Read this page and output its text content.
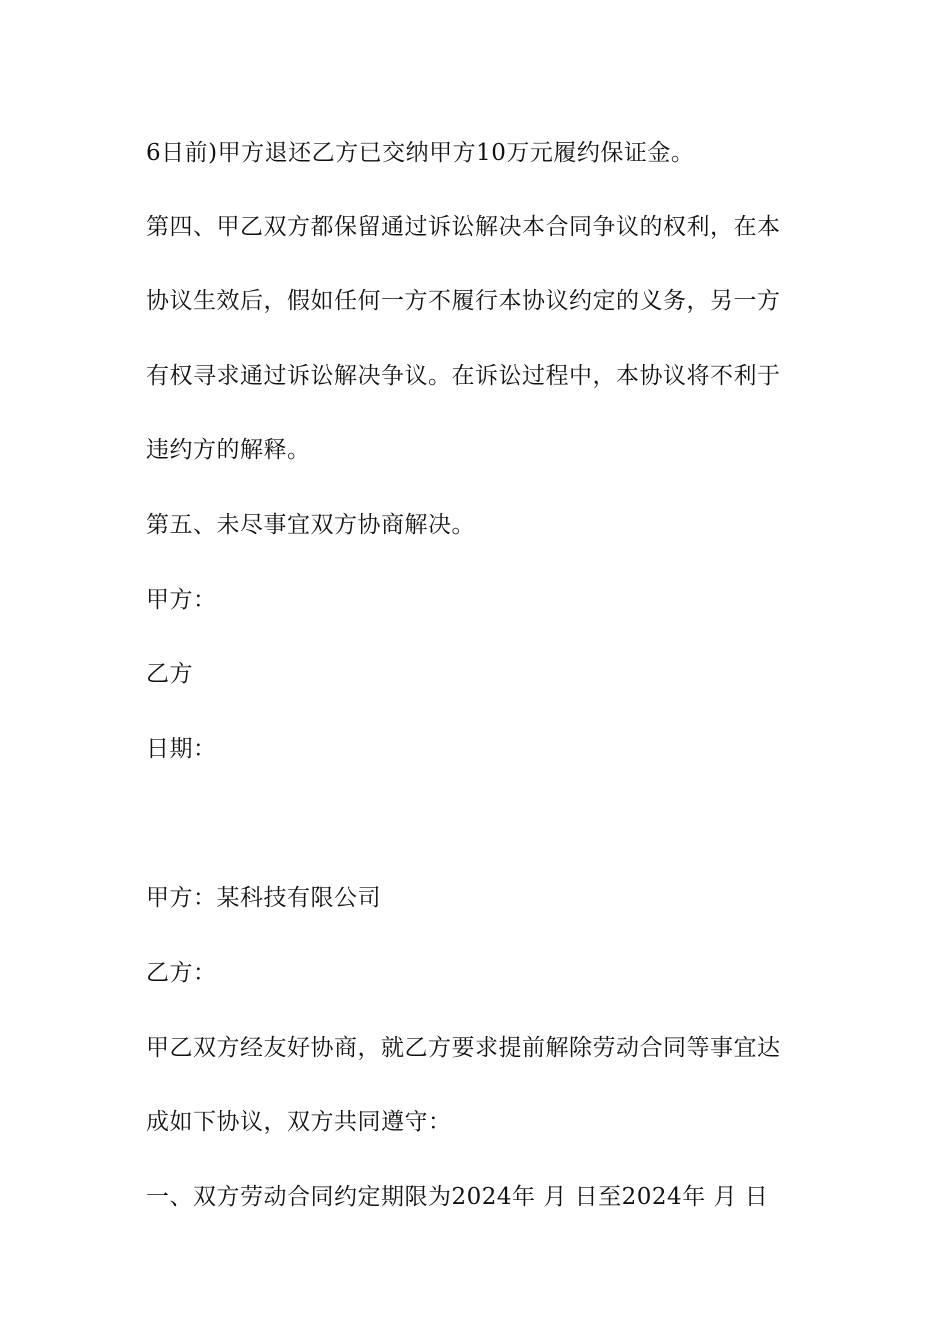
6日前)甲方退还乙方已交纳甲方10万元履约保证金。
第四、甲乙双方都保留通过诉讼解决本合同争议的权利，在本
协议生效后，假如任何一方不履行本协议约定的义务，另一方
有权寻求通过诉讼解决争议。在诉讼过程中，本协议将不利于
违约方的解释。
第五、未尽事宜双方协商解决。
甲方：
乙方
日期：
甲方：某科技有限公司
乙方：
甲乙双方经友好协商，就乙方要求提前解除劳动合同等事宜达
成如下协议，双方共同遵守：
一、双方劳动合同约定期限为2024年 月 日至2024年 月 日
